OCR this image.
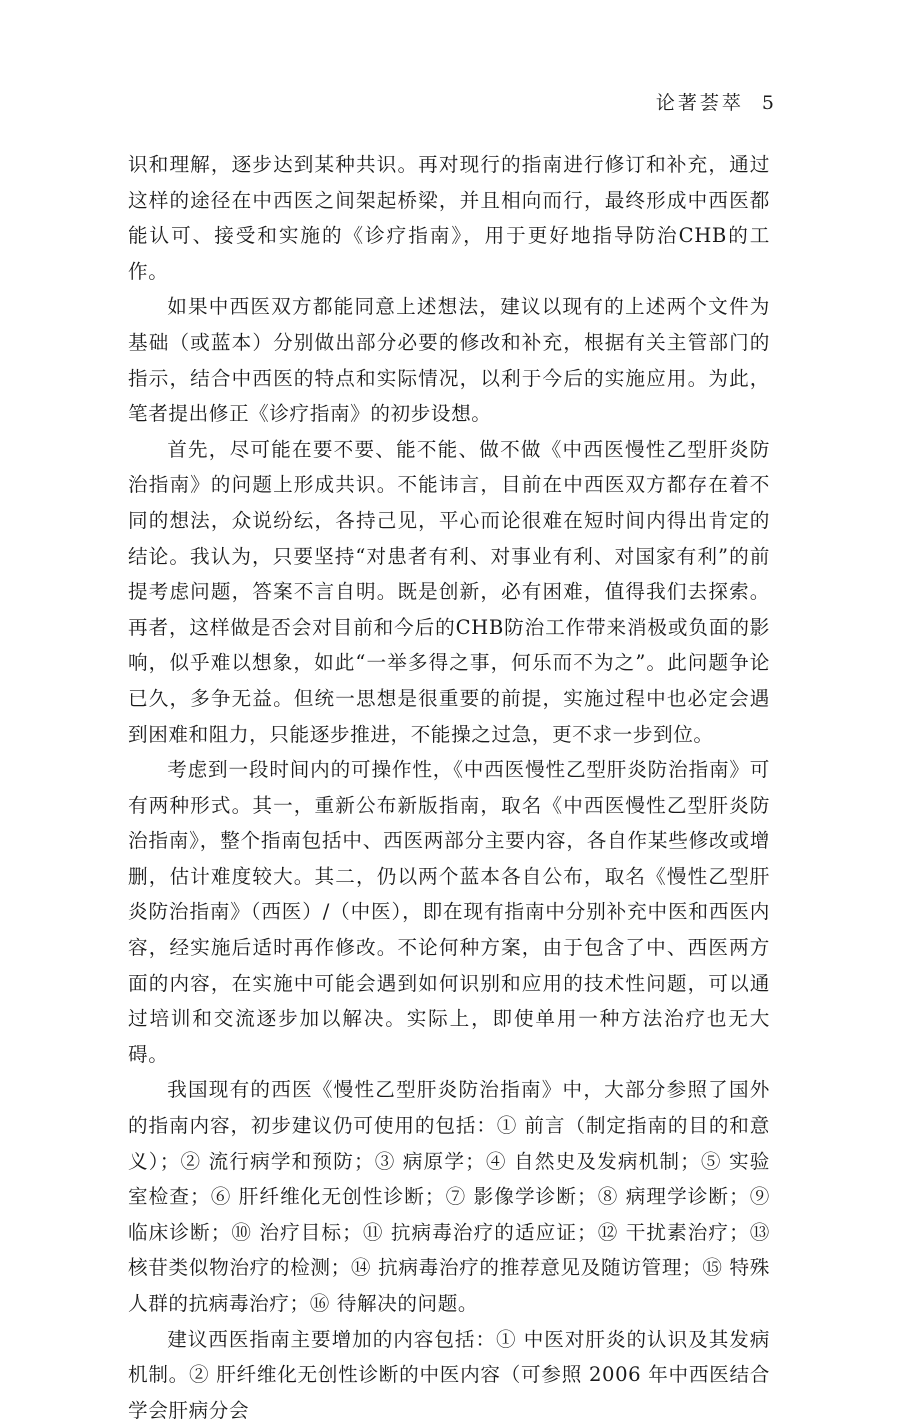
论著荟萃 5

识和理解，逐步达到某种共识。再对现行的指南进行修订和补充，通过这样的途径在中西医之间架起桥梁，并且相向而行，最终形成中西医都能认可、接受和实施的《诊疗指南》，用于更好地指导防治CHB的工作。

如果中西医双方都能同意上述想法，建议以现有的上述两个文件为基础（或蓝本）分别做出部分必要的修改和补充，根据有关主管部门的指示，结合中西医的特点和实际情况，以利于今后的实施应用。为此，笔者提出修正《诊疗指南》的初步设想。

首先，尽可能在要不要、能不能、做不做《中西医慢性乙型肝炎防治指南》的问题上形成共识。不能讳言，目前在中西医双方都存在着不同的想法，众说纷纭，各持己见，平心而论很难在短时间内得出肯定的结论。我认为，只要坚持“对患者有利、对事业有利、对国家有利”的前提考虑问题，答案不言自明。既是创新，必有困难，值得我们去探索。再者，这样做是否会对目前和今后的CHB防治工作带来消极或负面的影响，似乎难以想象，如此“一举多得之事，何乐而不为之”。此问题争论已久，多争无益。但统一思想是很重要的前提，实施过程中也必定会遇到困难和阻力，只能逐步推进，不能操之过急，更不求一步到位。

考虑到一段时间内的可操作性，《中西医慢性乙型肝炎防治指南》可有两种形式。其一，重新公布新版指南，取名《中西医慢性乙型肝炎防治指南》，整个指南包括中、西医两部分主要内容，各自作某些修改或增删，估计难度较大。其二，仍以两个蓝本各自公布，取名《慢性乙型肝炎防治指南》（西医）/（中医），即在现有指南中分别补充中医和西医内容，经实施后适时再作修改。不论何种方案，由于包含了中、西医两方面的内容，在实施中可能会遇到如何识别和应用的技术性问题，可以通过培训和交流逐步加以解决。实际上，即使单用一种方法治疗也无大碍。

我国现有的西医《慢性乙型肝炎防治指南》中，大部分参照了国外的指南内容，初步建议仍可使用的包括：① 前言（制定指南的目的和意义）；② 流行病学和预防；③ 病原学；④ 自然史及发病机制；⑤ 实验室检查；⑥ 肝纤维化无创性诊断；⑦ 影像学诊断；⑧ 病理学诊断；⑨ 临床诊断；⑩ 治疗目标；⑪ 抗病毒治疗的适应证；⑫ 干扰素治疗；⑬ 核苷类似物治疗的检测；⑭ 抗病毒治疗的推荐意见及随访管理；⑮ 特殊人群的抗病毒治疗；⑯ 待解决的问题。

建议西医指南主要增加的内容包括：① 中医对肝炎的认识及其发病机制。② 肝纤维化无创性诊断的中医内容（可参照 2006 年中西医结合学会肝病分会
